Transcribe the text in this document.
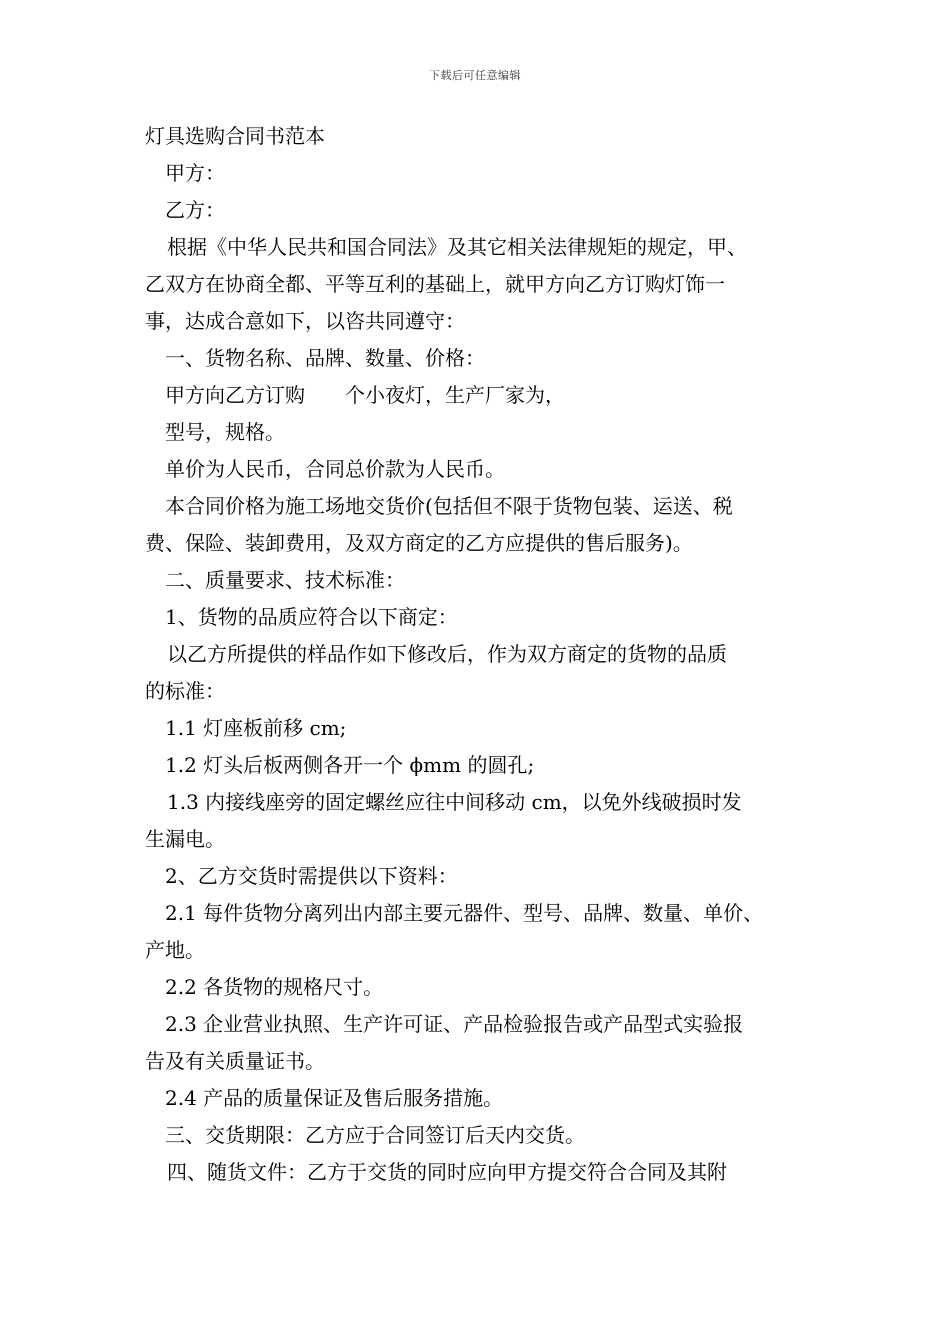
下载后可任意编辑
灯具选购合同书范本
甲方：
乙方：
根据《中华人民共和国合同法》及其它相关法律规矩的规定，甲、
乙双方在协商全都、平等互利的基础上，就甲方向乙方订购灯饰一
事，达成合意如下，以咨共同遵守：
一、货物名称、品牌、数量、价格：
甲方向乙方订购　　个小夜灯，生产厂家为，
型号，规格。
单价为人民币，合同总价款为人民币。
本合同价格为施工场地交货价(包括但不限于货物包装、运送、税
费、保险、装卸费用，及双方商定的乙方应提供的售后服务)。
二、质量要求、技术标准：
1、货物的品质应符合以下商定：
以乙方所提供的样品作如下修改后，作为双方商定的货物的品质
的标准：
1.1 灯座板前移 cm;
1.2 灯头后板两侧各开一个 ϕmm 的圆孔;
1.3 内接线座旁的固定螺丝应往中间移动 cm，以免外线破损时发
生漏电。
2、乙方交货时需提供以下资料：
2.1 每件货物分离列出内部主要元器件、型号、品牌、数量、单价、
产地。
2.2 各货物的规格尺寸。
2.3 企业营业执照、生产许可证、产品检验报告或产品型式实验报
告及有关质量证书。
2.4 产品的质量保证及售后服务措施。
三、交货期限：乙方应于合同签订后天内交货。
四、随货文件：乙方于交货的同时应向甲方提交符合合同及其附
